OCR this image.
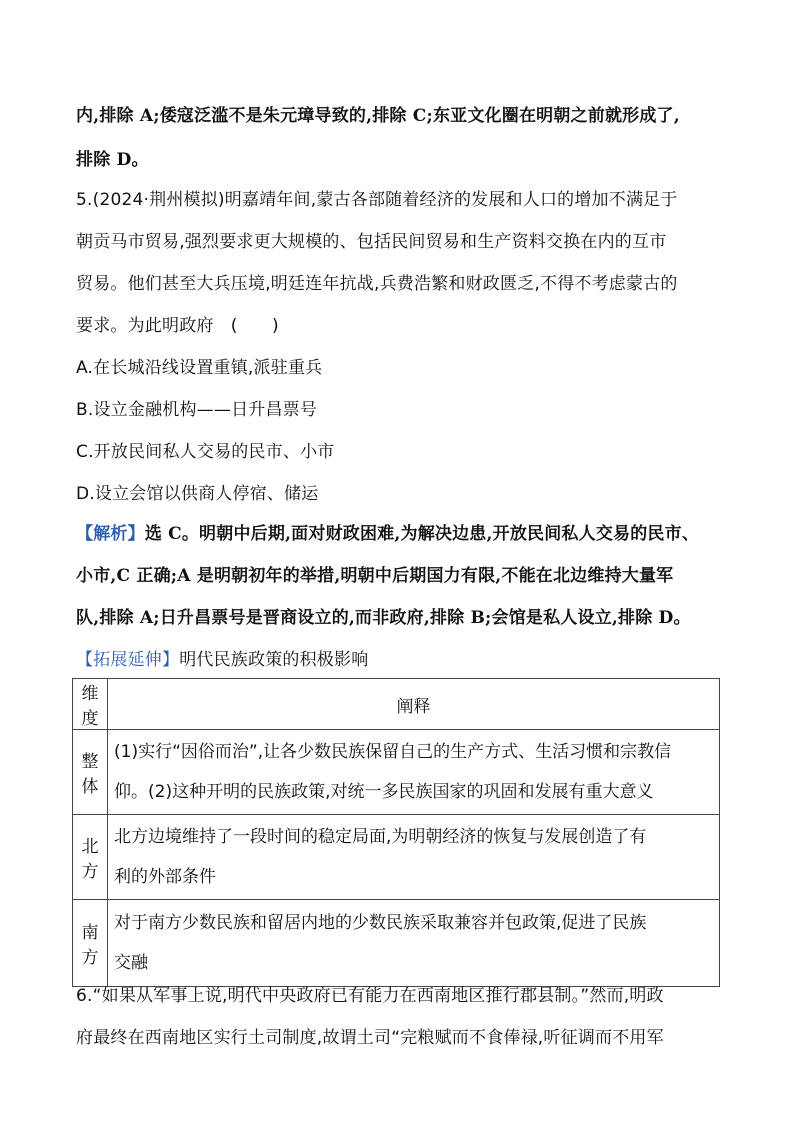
内,排除 A;倭寇泛滥不是朱元璋导致的,排除 C;东亚文化圈在明朝之前就形成了,
排除 D。
5.(2024·荆州模拟)明嘉靖年间,蒙古各部随着经济的发展和人口的增加不满足于
朝贡马市贸易,强烈要求更大规模的、包括民间贸易和生产资料交换在内的互市
贸易。他们甚至大兵压境,明廷连年抗战,兵费浩繁和财政匮乏,不得不考虑蒙古的
要求。为此明政府　(　　)
A.在长城沿线设置重镇,派驻重兵
B.设立金融机构——日升昌票号
C.开放民间私人交易的民市、小市
D.设立会馆以供商人停宿、储运
【解析】选 C。明朝中后期,面对财政困难,为解决边患,开放民间私人交易的民市、
小市,C 正确;A 是明朝初年的举措,明朝中后期国力有限,不能在北边维持大量军
队,排除 A;日升昌票号是晋商设立的,而非政府,排除 B;会馆是私人设立,排除 D。
【拓展延伸】明代民族政策的积极影响
维度	阐释
整体	(1)实行“因俗而治”,让各少数民族保留自己的生产方式、生活习惯和宗教信
仰。(2)这种开明的民族政策,对统一多民族国家的巩固和发展有重大意义

北方	北方边境维持了一段时间的稳定局面,为明朝经济的恢复与发展创造了有
利的外部条件

南方	对于南方少数民族和留居内地的少数民族采取兼容并包政策,促进了民族
交融
6.“如果从军事上说,明代中央政府已有能力在西南地区推行郡县制。”然而,明政
府最终在西南地区实行土司制度,故谓土司“完粮赋而不食俸禄,听征调而不用军
